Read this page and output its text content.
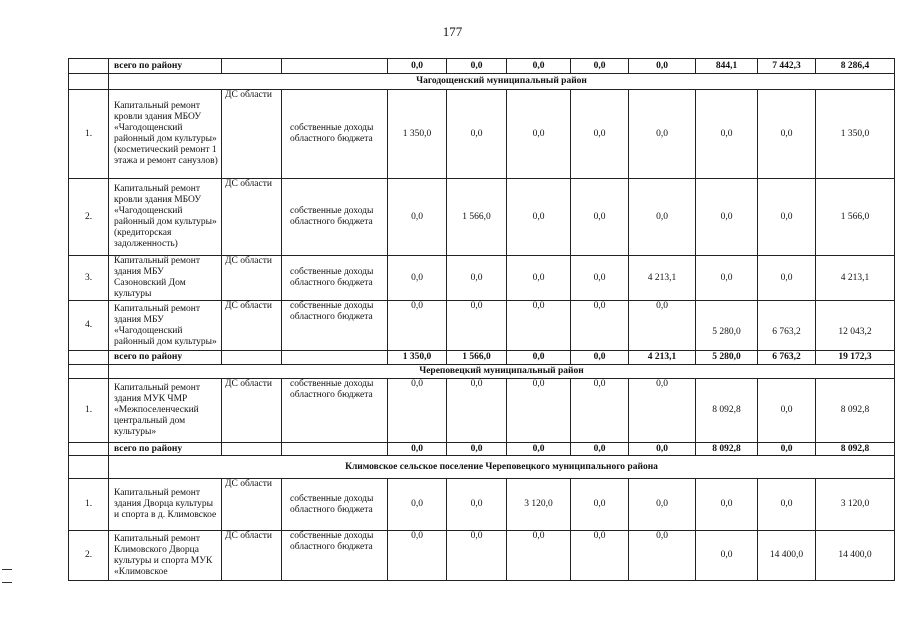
177
	всего по району			0,0	0,0	0,0	0,0	0,0	844,1	7 442,3	8 286,4
	Чагодощенский муниципальный район										
1.	Капитальный ремонт кровли здания МБОУ «Чагодощенский районный дом культуры» (косметический ремонт 1 этажа и ремонт санузлов)	ДС области	собственные доходы областного бюджета	1 350,0	0,0	0,0	0,0	0,0	0,0	0,0	1 350,0
2.	Капитальный ремонт кровли здания МБОУ «Чагодощенский районный дом культуры» (кредиторская задолженность)	ДС области	собственные доходы областного бюджета	0,0	1 566,0	0,0	0,0	0,0	0,0	0,0	1 566,0
3.	Капитальный ремонт здания МБУ Сазоновский Дом культуры	ДС области	собственные доходы областного бюджета	0,0	0,0	0,0	0,0	4 213,1	0,0	0,0	4 213,1
4.	Капитальный ремонт здания МБУ «Чагодощенский районный дом культуры»	ДС области	собственные доходы областного бюджета	0,0	0,0	0,0	0,0	0,0	5 280,0	6 763,2	12 043,2
	всего по району			1 350,0	1 566,0	0,0	0,0	4 213,1	5 280,0	6 763,2	19 172,3
	Череповецкий муниципальный район										
1.	Капитальный ремонт здания МУК ЧМР «Межпоселенческий центральный дом культуры»	ДС области	собственные доходы областного бюджета	0,0	0,0	0,0	0,0	0,0	8 092,8	0,0	8 092,8
	всего по району			0,0	0,0	0,0	0,0	0,0	8 092,8	0,0	8 092,8
	Климовское сельское поселение Череповецкого муниципального района										
1.	Капитальный ремонт здания Дворца культуры и спорта в д. Климовское	ДС области	собственные доходы областного бюджета	0,0	0,0	3 120,0	0,0	0,0	0,0	0,0	3 120,0
2.	Капитальный ремонт Климовского Дворца культуры и спорта МУК «Климовское	ДС области	собственные доходы областного бюджета	0,0	0,0	0,0	0,0	0,0	0,0	14 400,0	14 400,0
